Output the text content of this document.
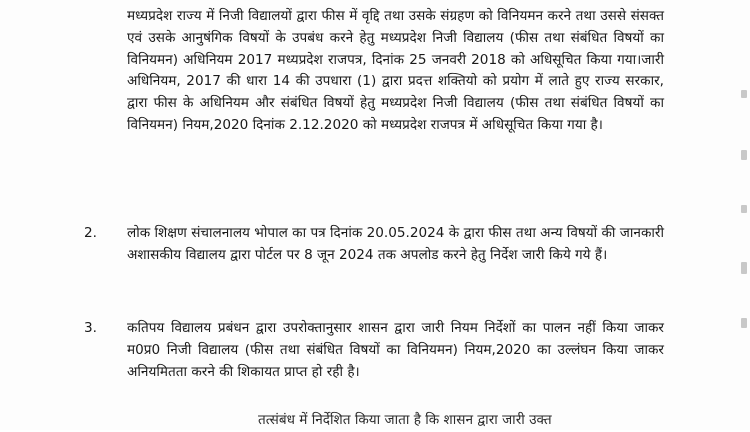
मध्यप्रदेश राज्य में निजी विद्यालयों द्वारा फीस में वृद्दि तथा उसके संग्रहण को विनियमन करने तथा उससे संसक्त एवं उसके आनुषंगिक विषयों के उपबंध करने हेतु मध्यप्रदेश निजी विद्यालय (फीस तथा संबंधित विषयों का विनियमन) अधिनियम 2017 मध्यप्रदेश राजपत्र, दिनांक 25 जनवरी 2018 को अधिसूचित किया गया।जारी अधिनियम, 2017 की धारा 14 की उपधारा (1) द्वारा प्रदत्त शक्तियो को प्रयोग में लाते हुए राज्य सरकार, द्वारा फीस के अधिनियम और संबंधित विषयों हेतु मध्यप्रदेश निजी विद्यालय (फीस तथा संबंधित विषयों का विनियमन) नियम,2020 दिनांक 2.12.2020 को मध्यप्रदेश राजपत्र में अधिसूचित किया गया है।
2. लोक शिक्षण संचालनालय भोपाल का पत्र दिनांक 20.05.2024 के द्वारा फीस तथा अन्य विषयों की जानकारी अशासकीय विद्यालय द्वारा पोर्टल पर 8 जून 2024 तक अपलोड करने हेतु निर्देश जारी किये गये हैं।
3. कतिपय विद्यालय प्रबंधन द्वारा उपरोक्तानुसार शासन द्वारा जारी नियम निर्देशों का पालन नहीं किया जाकर म0प्र0 निजी विद्यालय (फीस तथा संबंधित विषयों का विनियमन) नियम,2020 का उल्लंघन किया जाकर अनियमितता करने की शिकायत प्राप्त हो रही है।
तत्संबंध में निर्देशित किया जाता है कि शासन द्वारा जारी उक्त
